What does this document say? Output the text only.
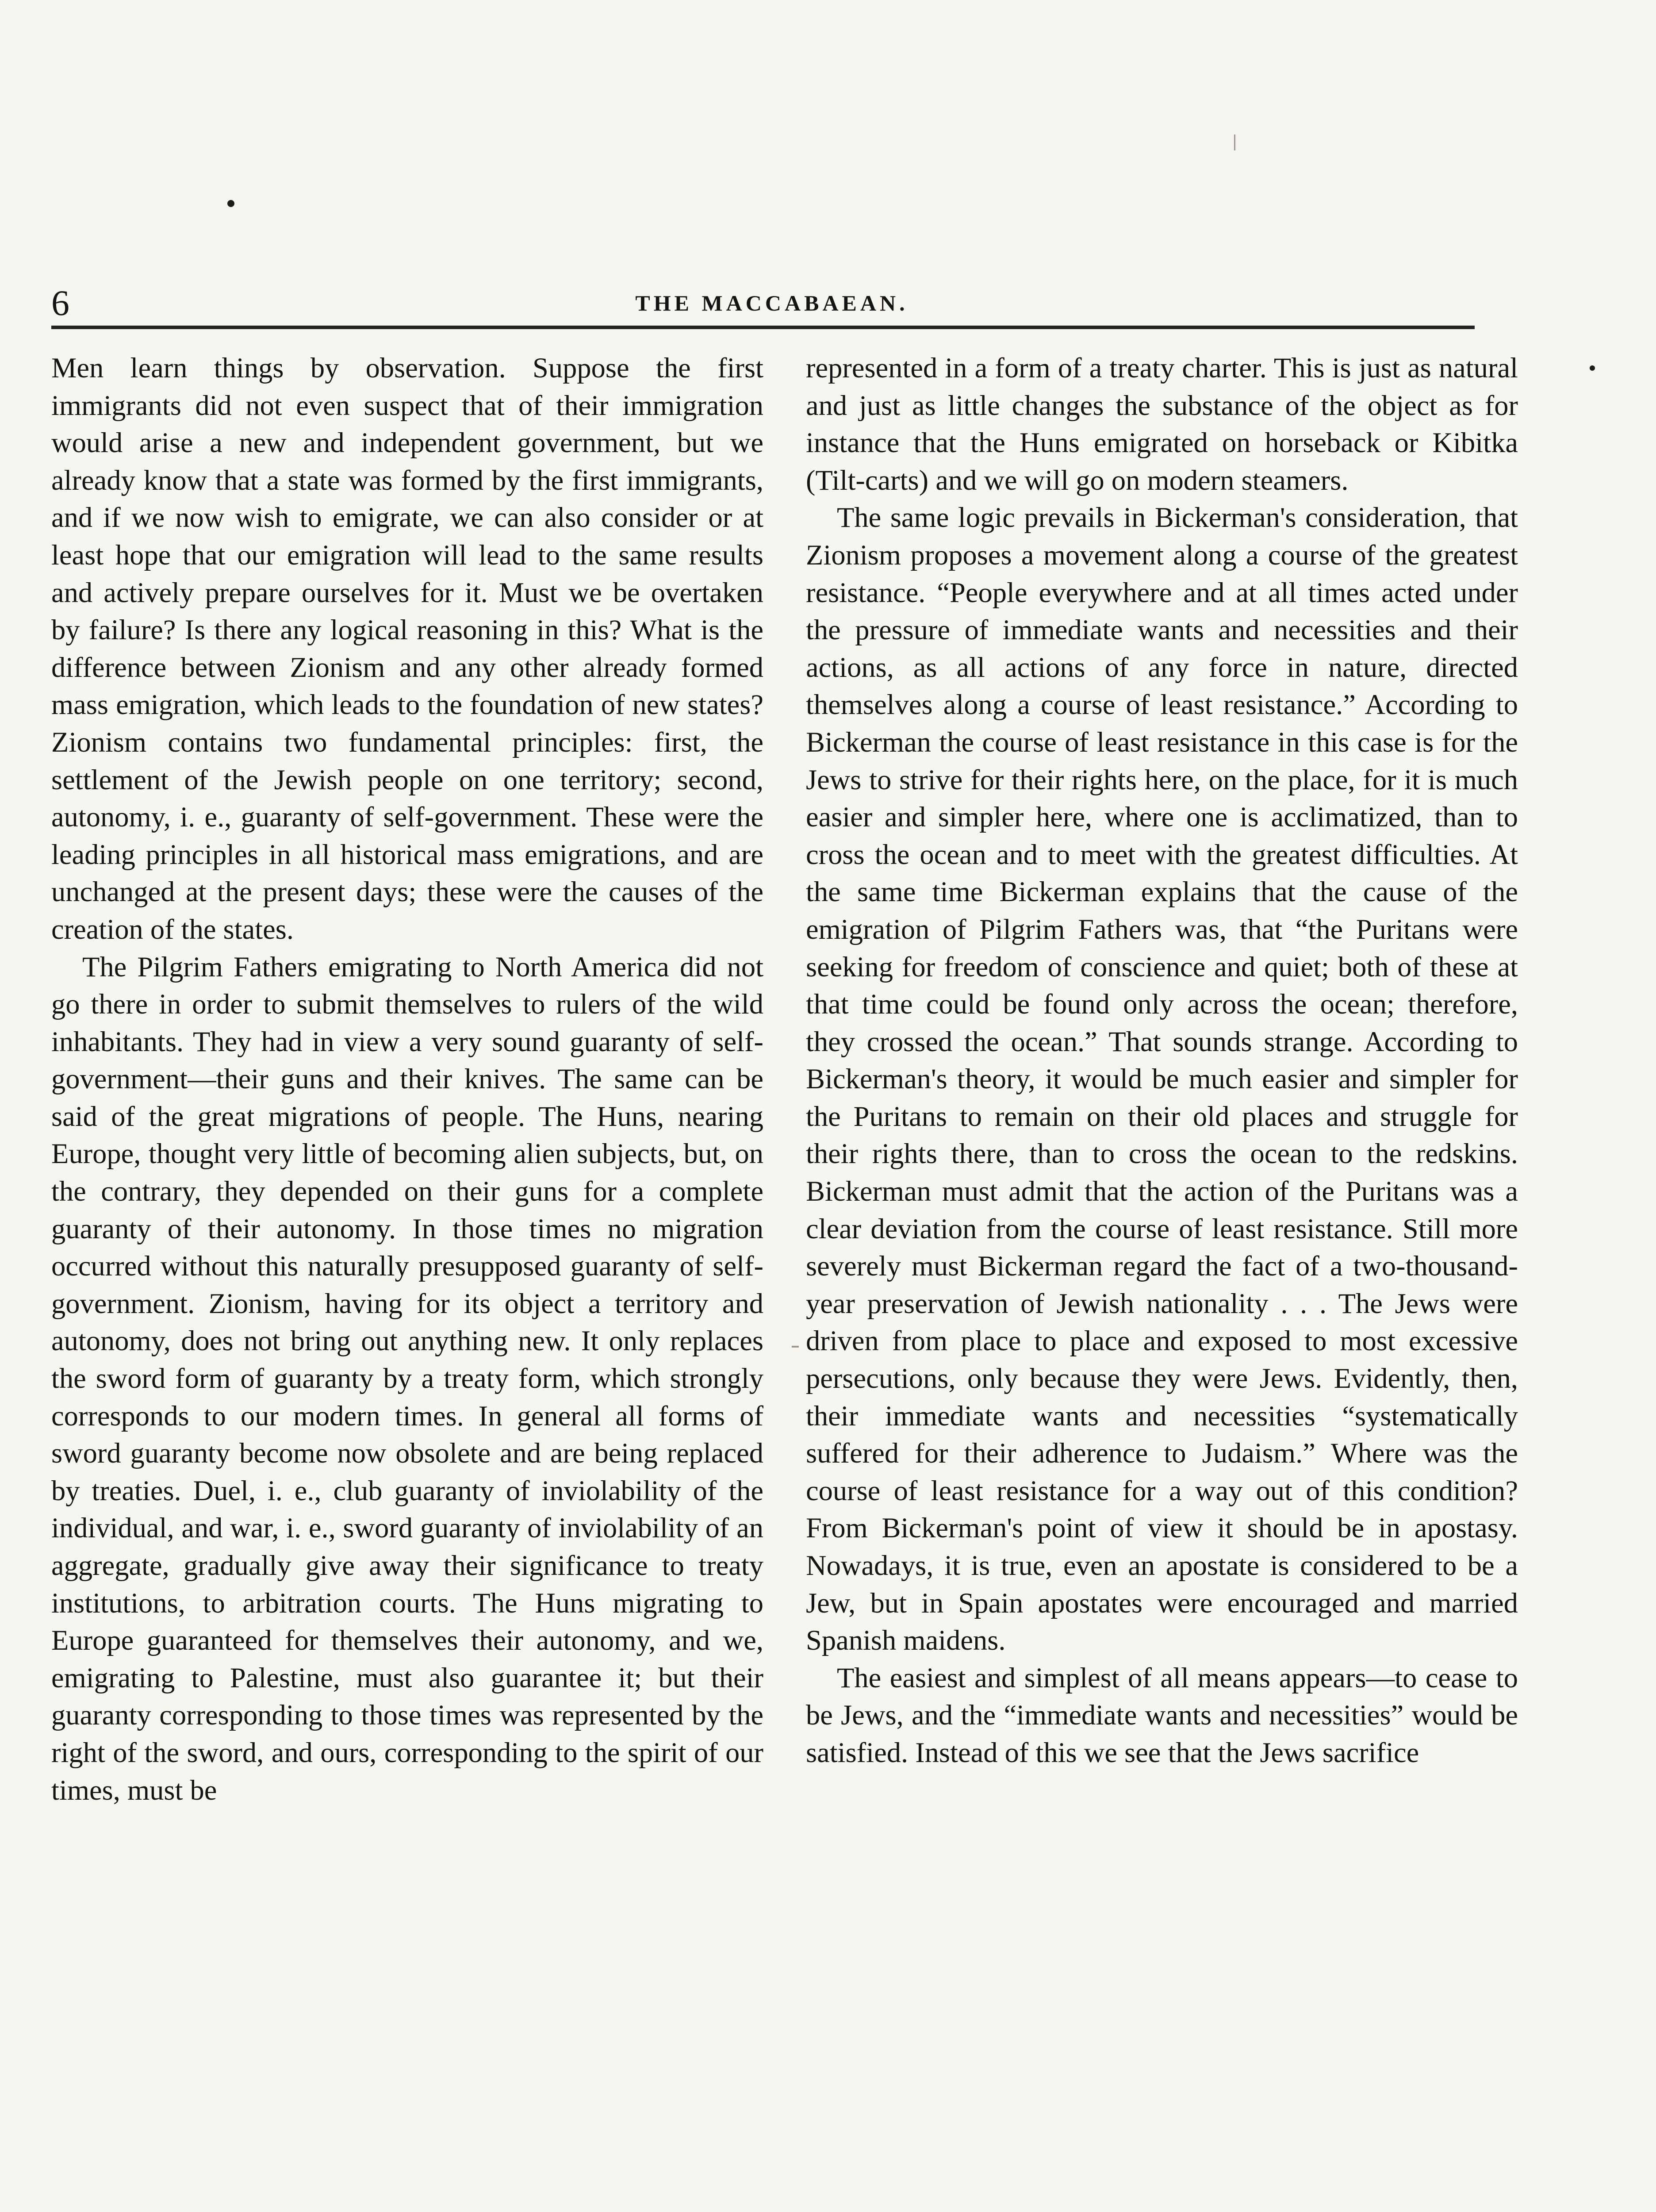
6	THE MACCABAEAN.

Men learn things by observation. Suppose the first immigrants did not even suspect that of their immigration would arise a new and independent government, but we already know that a state was formed by the first immigrants, and if we now wish to emigrate, we can also consider or at least hope that our emigration will lead to the same results and actively prepare ourselves for it. Must we be overtaken by failure? Is there any logical reasoning in this? What is the difference between Zionism and any other already formed mass emigration, which leads to the foundation of new states? Zionism contains two fundamental principles: first, the settlement of the Jewish people on one territory; second, autonomy, i. e., guaranty of self-government. These were the leading principles in all historical mass emigrations, and are unchanged at the present days; these were the causes of the creation of the states.

The Pilgrim Fathers emigrating to North America did not go there in order to submit themselves to rulers of the wild inhabitants. They had in view a very sound guaranty of self-government—their guns and their knives. The same can be said of the great migrations of people. The Huns, nearing Europe, thought very little of becoming alien subjects, but, on the contrary, they depended on their guns for a complete guaranty of their autonomy. In those times no migration occurred without this naturally presupposed guaranty of self-government. Zionism, having for its object a territory and autonomy, does not bring out anything new. It only replaces the sword form of guaranty by a treaty form, which strongly corresponds to our modern times. In general all forms of sword guaranty become now obsolete and are being replaced by treaties. Duel, i. e., club guaranty of inviolability of the individual, and war, i. e., sword guaranty of inviolability of an aggregate, gradually give away their significance to treaty institutions, to arbitration courts. The Huns migrating to Europe guaranteed for themselves their autonomy, and we, emigrating to Palestine, must also guarantee it; but their guaranty corresponding to those times was represented by the right of the sword, and ours, corresponding to the spirit of our times, must be

represented in a form of a treaty charter. This is just as natural and just as little changes the substance of the object as for instance that the Huns emigrated on horseback or Kibitka (Tilt-carts) and we will go on modern steamers.

The same logic prevails in Bickerman's consideration, that Zionism proposes a movement along a course of the greatest resistance. “People everywhere and at all times acted under the pressure of immediate wants and necessities and their actions, as all actions of any force in nature, directed themselves along a course of least resistance.” According to Bickerman the course of least resistance in this case is for the Jews to strive for their rights here, on the place, for it is much easier and simpler here, where one is acclimatized, than to cross the ocean and to meet with the greatest difficulties. At the same time Bickerman explains that the cause of the emigration of Pilgrim Fathers was, that “the Puritans were seeking for freedom of conscience and quiet; both of these at that time could be found only across the ocean; therefore, they crossed the ocean.” That sounds strange. According to Bickerman's theory, it would be much easier and simpler for the Puritans to remain on their old places and struggle for their rights there, than to cross the ocean to the redskins. Bickerman must admit that the action of the Puritans was a clear deviation from the course of least resistance. Still more severely must Bickerman regard the fact of a two-thousand-year preservation of Jewish nationality . . . The Jews were driven from place to place and exposed to most excessive persecutions, only because they were Jews. Evidently, then, their immediate wants and necessities “systematically suffered for their adherence to Judaism.” Where was the course of least resistance for a way out of this condition? From Bickerman's point of view it should be in apostasy. Nowadays, it is true, even an apostate is considered to be a Jew, but in Spain apostates were encouraged and married Spanish maidens.

The easiest and simplest of all means appears—to cease to be Jews, and the “immediate wants and necessities” would be satisfied. Instead of this we see that the Jews sacrifice
